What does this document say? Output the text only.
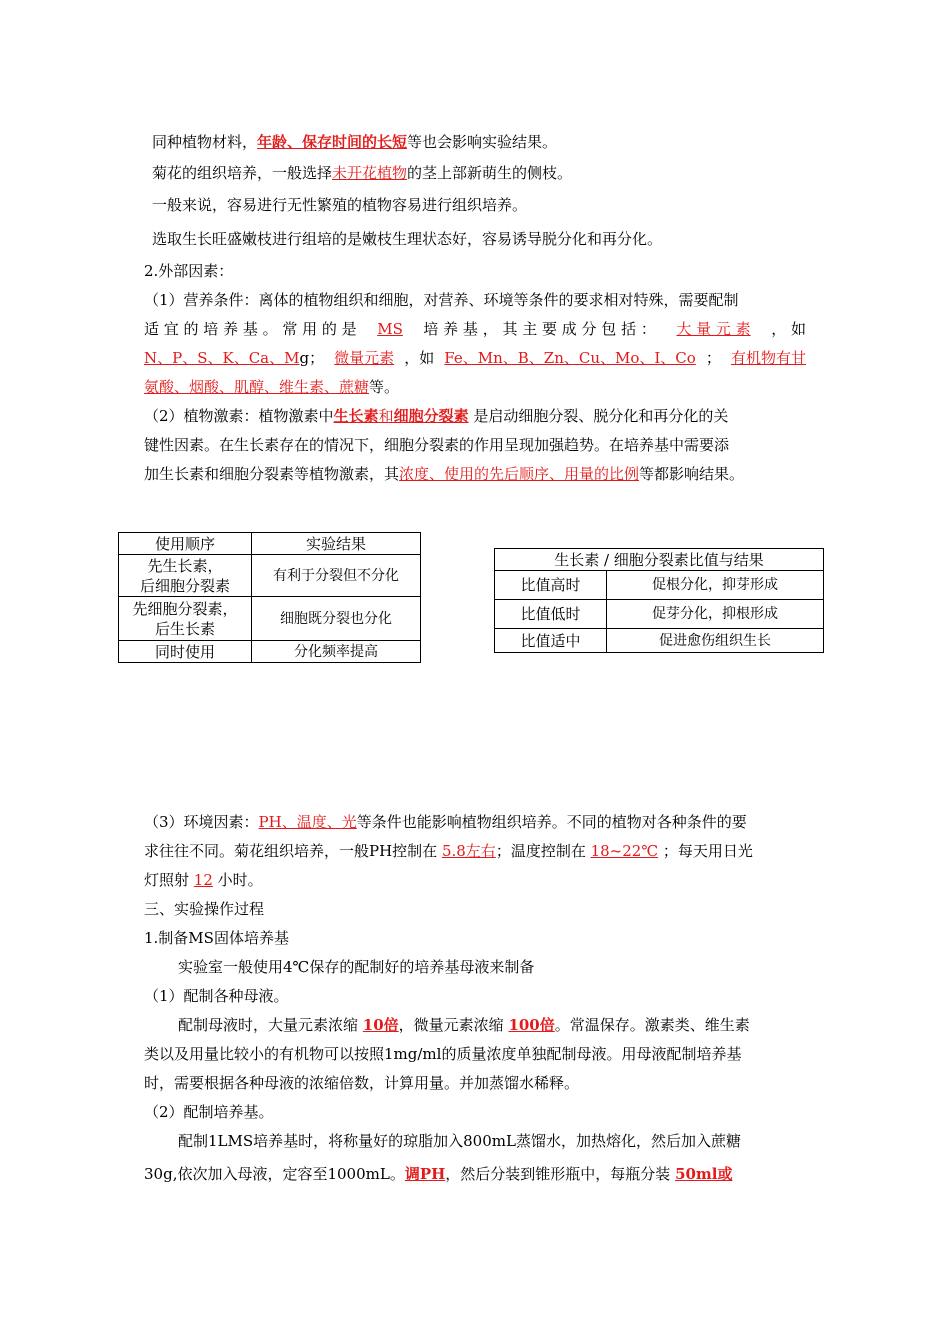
同种植物材料，年龄、保存时间的长短等也会影响实验结果。
菊花的组织培养，一般选择未开花植物的茎上部新萌生的侧枝。
一般来说，容易进行无性繁殖的植物容易进行组织培养。
选取生长旺盛嫩枝进行组培的是嫩枝生理状态好，容易诱导脱分化和再分化。
2.外部因素：
（1）营养条件：离体的植物组织和细胞，对营养、环境等条件的要求相对特殊，需要配制
适 宜 的 培 养 基 。 常 用 的 是 MS 培 养 基 ， 其 主 要 成 分 包 括 ： 大 量 元 素 ， 如
N、P、S、K、Ca、Mg； 微量元素 ，如 Fe、Mn、B、Zn、Cu、Mo、I、Co ； 有机物有甘
氨酸、烟酸、肌醇、维生素、蔗糖等。
（2）植物激素：植物激素中生长素和细胞分裂素 是启动细胞分裂、脱分化和再分化的关
键性因素。在生长素存在的情况下，细胞分裂素的作用呈现加强趋势。在培养基中需要添
加生长素和细胞分裂素等植物激素，其浓度、使用的先后顺序、用量的比例等都影响结果。
使用顺序	实验结果

先生长素，
后细胞分裂素	有利于分裂但不分化

先细胞分裂素，
后生长素	细胞既分裂也分化
同时使用	分化频率提高
生长素 / 细胞分裂素比值与结果	
比值高时	促根分化，抑芽形成
比值低时	促芽分化，抑根形成
比值适中	促进愈伤组织生长
（3）环境因素：PH、温度、光等条件也能影响植物组织培养。不同的植物对各种条件的要
求往往不同。菊花组织培养，一般PH控制在 5.8左右；温度控制在 18~22℃ ；每天用日光
灯照射 12 小时。
三、实验操作过程
1.制备MS固体培养基
实验室一般使用4℃保存的配制好的培养基母液来制备
（1）配制各种母液。
配制母液时，大量元素浓缩 10倍，微量元素浓缩 100倍。常温保存。激素类、维生素
类以及用量比较小的有机物可以按照1mg/ml的质量浓度单独配制母液。用母液配制培养基
时，需要根据各种母液的浓缩倍数，计算用量。并加蒸馏水稀释。
（2）配制培养基。
配制1LMS培养基时，将称量好的琼脂加入800mL蒸馏水，加热熔化，然后加入蔗糖
30g,依次加入母液，定容至1000mL。调PH，然后分装到锥形瓶中，每瓶分装 50ml或
